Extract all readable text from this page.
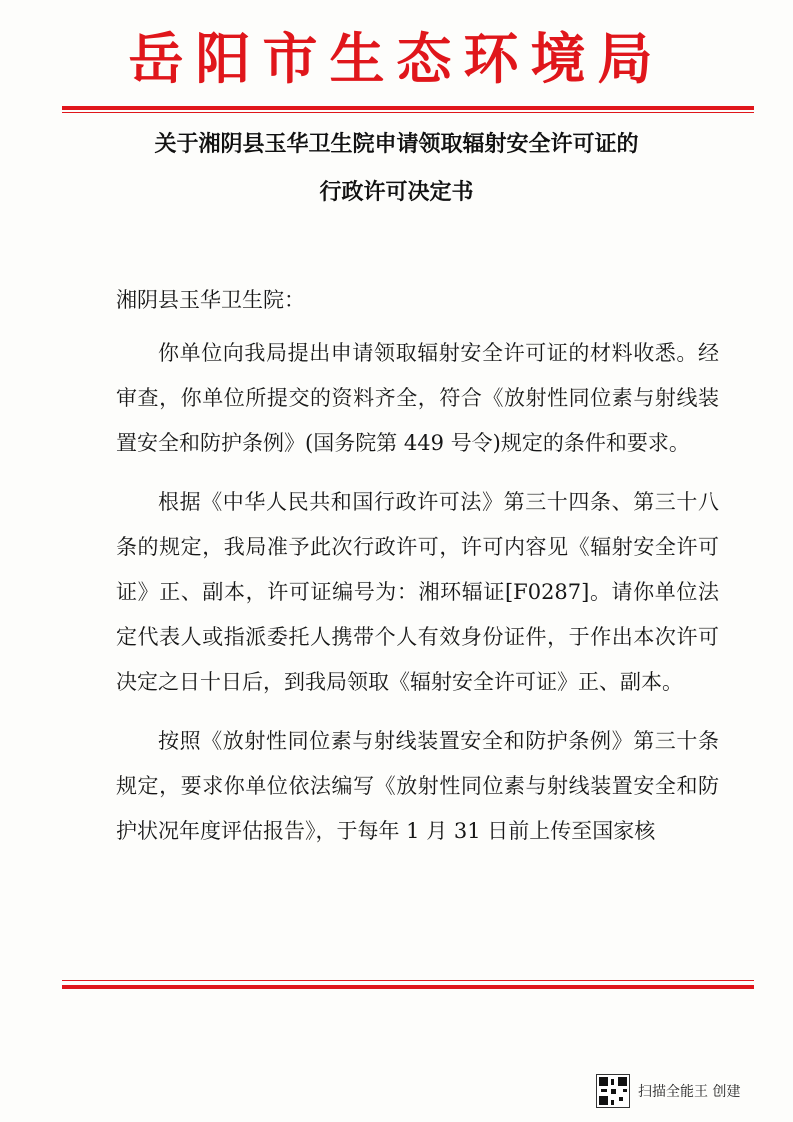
岳阳市生态环境局
关于湘阴县玉华卫生院申请领取辐射安全许可证的
行政许可决定书

湘阴县玉华卫生院：

你单位向我局提出申请领取辐射安全许可证的材料收悉。经审查，你单位所提交的资料齐全，符合《放射性同位素与射线装置安全和防护条例》(国务院第 449 号令)规定的条件和要求。

根据《中华人民共和国行政许可法》第三十四条、第三十八条的规定，我局准予此次行政许可，许可内容见《辐射安全许可证》正、副本，许可证编号为：湘环辐证[F0287]。请你单位法定代表人或指派委托人携带个人有效身份证件，于作出本次许可决定之日十日后，到我局领取《辐射安全许可证》正、副本。

按照《放射性同位素与射线装置安全和防护条例》第三十条规定，要求你单位依法编写《放射性同位素与射线装置安全和防护状况年度评估报告》，于每年 1 月 31 日前上传至国家核

扫描全能王 创建
